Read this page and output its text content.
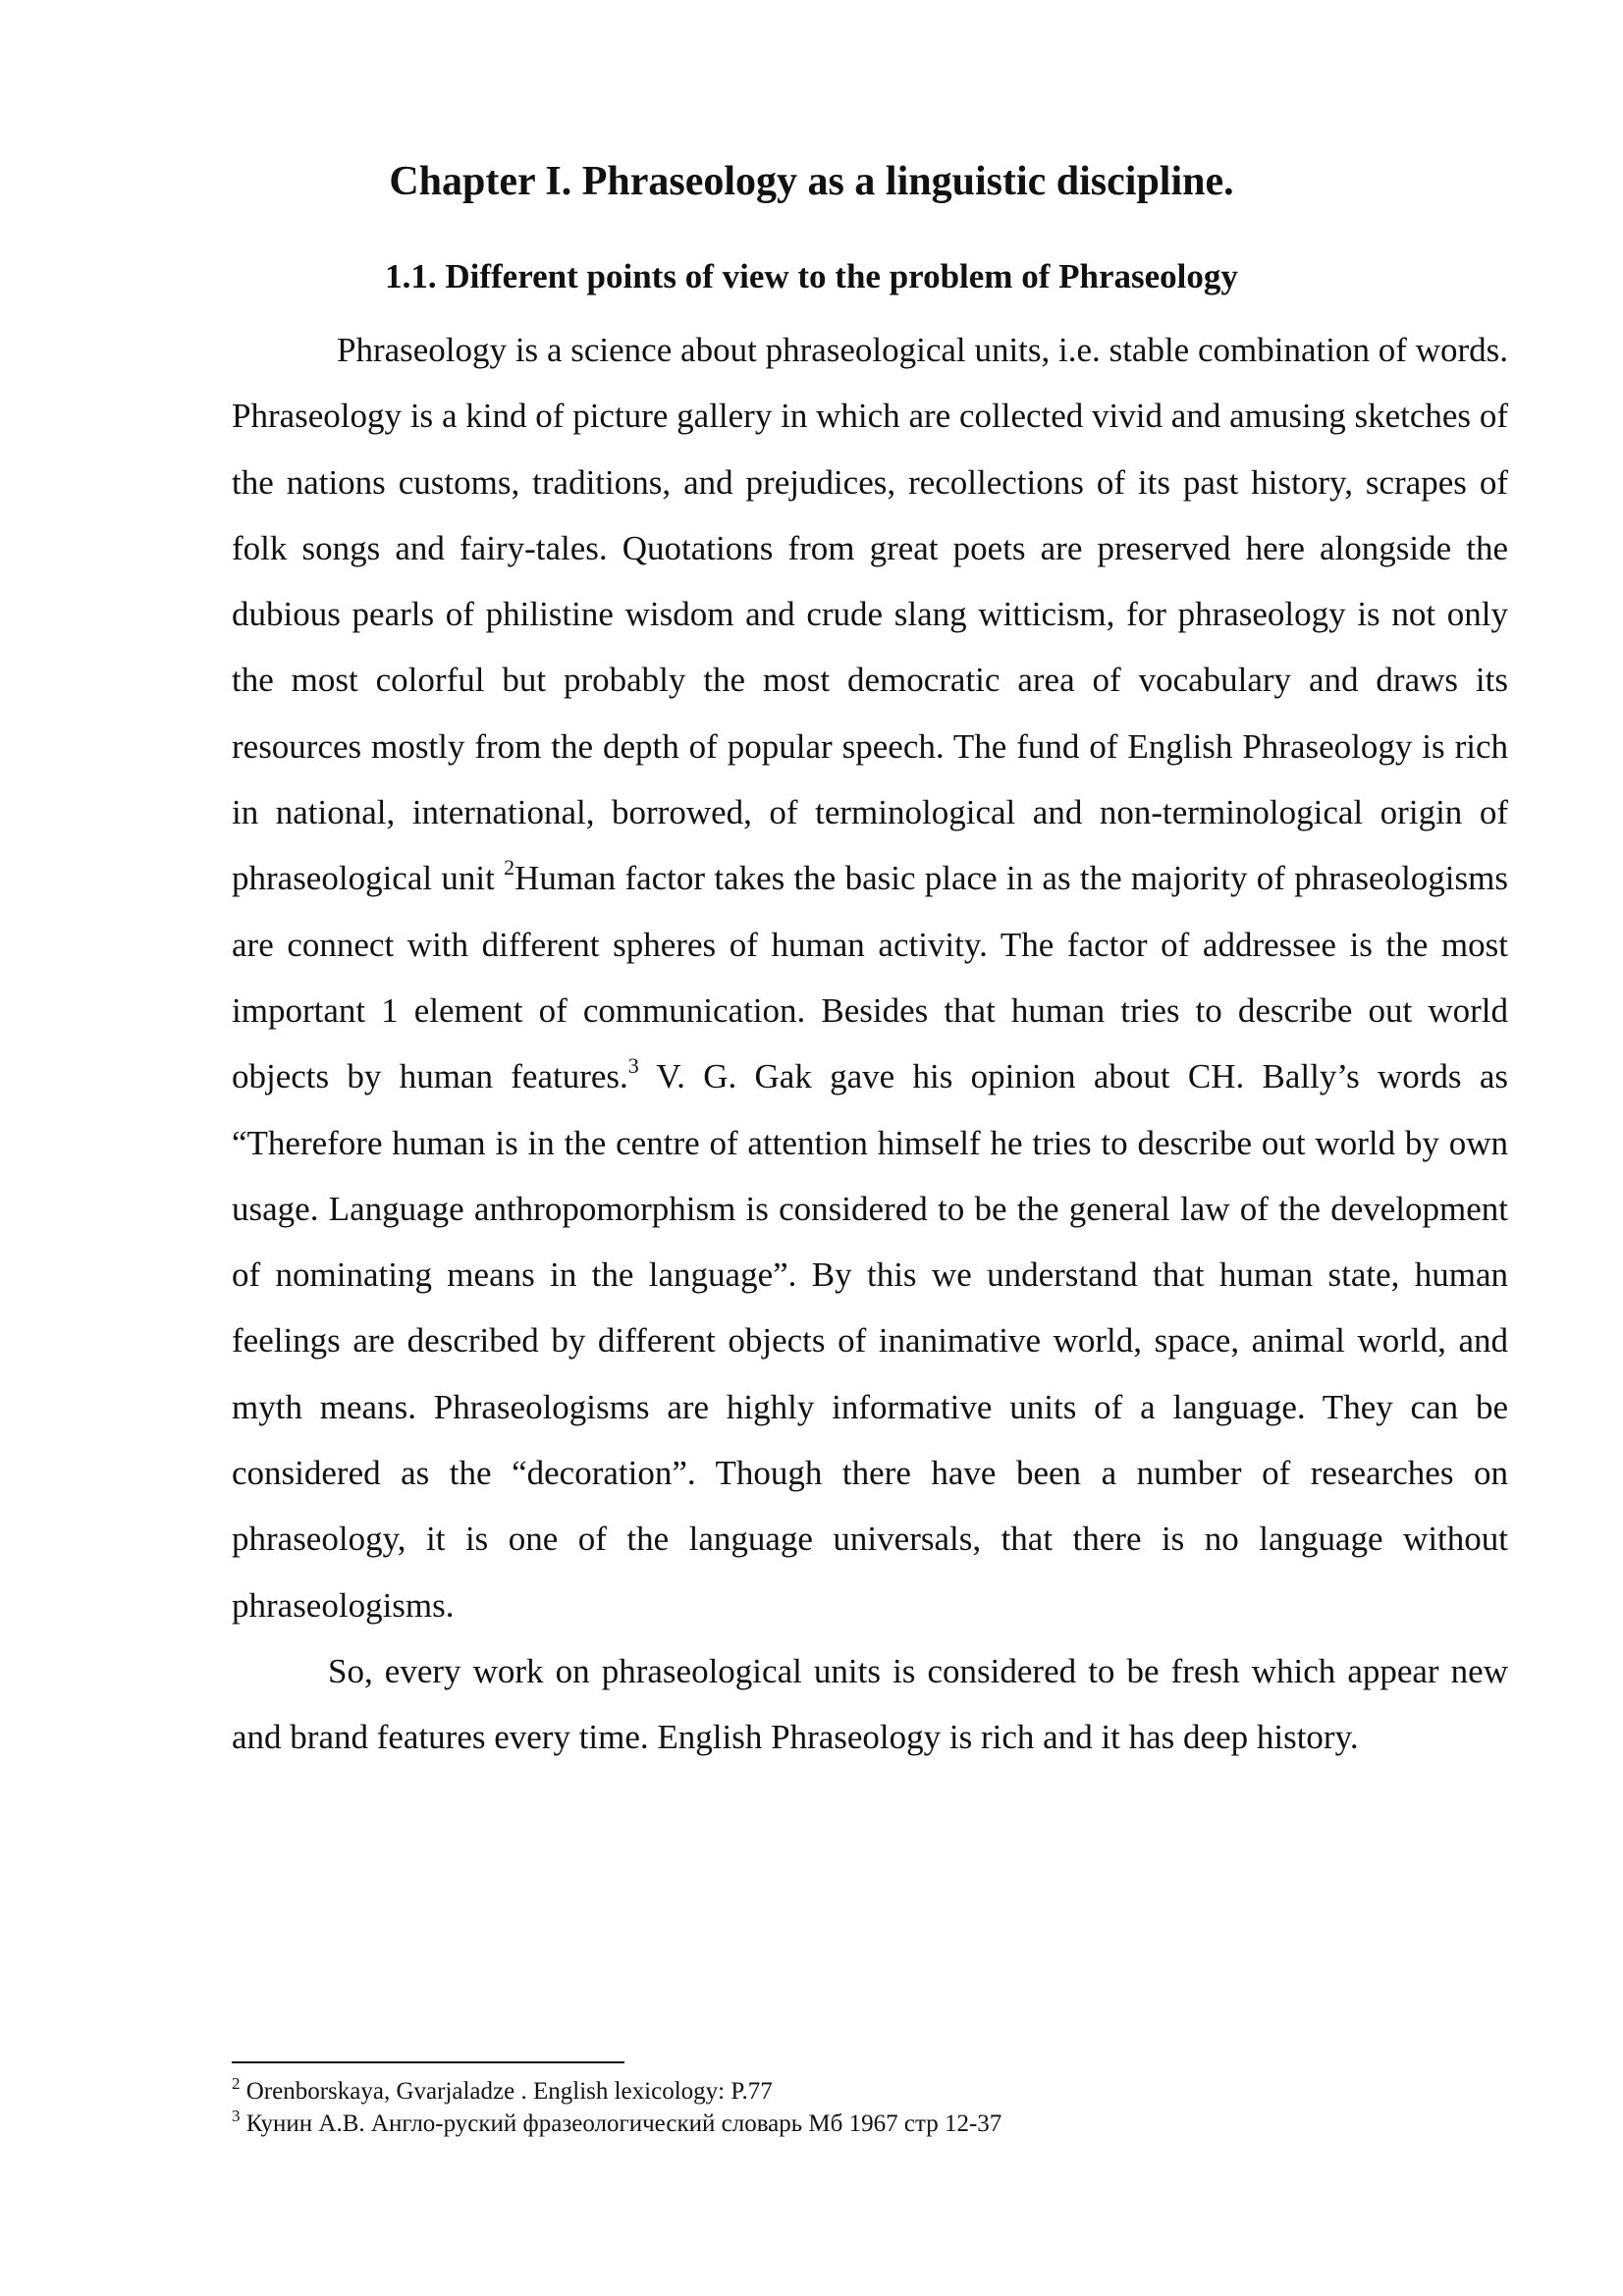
Chapter I. Phraseology as a linguistic discipline.
1.1. Different points of view to the problem of Phraseology

Phraseology is a science about phraseological units, i.e. stable combination of words. Phraseology is a kind of picture gallery in which are collected vivid and amusing sketches of the nations customs, traditions, and prejudices, recollections of its past history, scrapes of folk songs and fairy-tales. Quotations from great poets are preserved here alongside the dubious pearls of philistine wisdom and crude slang witticism, for phraseology is not only the most colorful but probably the most democratic area of vocabulary and draws its resources mostly from the depth of popular speech. The fund of English Phraseology is rich in national, international, borrowed, of terminological and non-terminological origin of phraseological unit $^2$Human factor takes the basic place in as the majority of phraseologisms are connect with different spheres of human activity. The factor of addressee is the most important 1 element of communication. Besides that human tries to describe out world objects by human features.$^3$ V. G. Gak gave his opinion about CH. Bally’s words as “Therefore human is in the centre of attention himself he tries to describe out world by own usage. Language anthropomorphism is considered to be the general law of the development of nominating means in the language”. By this we understand that human state, human feelings are described by different objects of inanimative world, space, animal world, and myth means. Phraseologisms are highly informative units of a language. They can be considered as the “decoration”. Though there have been a number of researches on phraseology, it is one of the language universals, that there is no language without phraseologisms.

So, every work on phraseological units is considered to be fresh which appear new and brand features every time. English Phraseology is rich and it has deep history.

$^2$ Orenborskaya, Gvarjaladze . English lexicology: P.77
$^3$ Кунин А.В. Англо-руский фразеологический словарь Мб 1967 стр 12-37
